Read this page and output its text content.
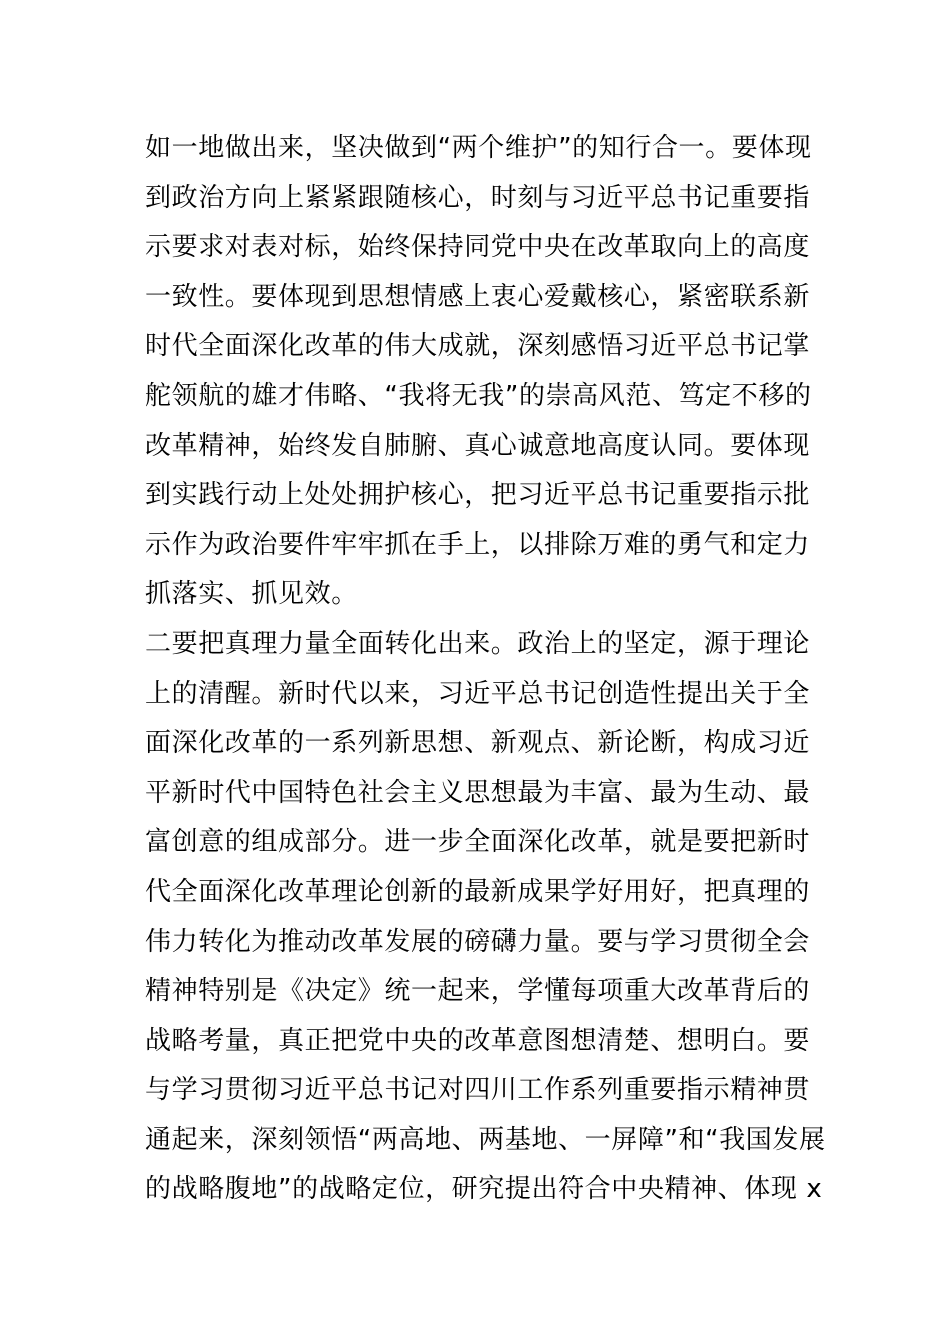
如一地做出来，坚决做到“两个维护”的知行合一。要体现
到政治方向上紧紧跟随核心，时刻与习近平总书记重要指
示要求对表对标，始终保持同党中央在改革取向上的高度
一致性。要体现到思想情感上衷心爱戴核心，紧密联系新
时代全面深化改革的伟大成就，深刻感悟习近平总书记掌
舵领航的雄才伟略、“我将无我”的崇高风范、笃定不移的
改革精神，始终发自肺腑、真心诚意地高度认同。要体现
到实践行动上处处拥护核心，把习近平总书记重要指示批
示作为政治要件牢牢抓在手上，以排除万难的勇气和定力
抓落实、抓见效。
二要把真理力量全面转化出来。政治上的坚定，源于理论
上的清醒。新时代以来，习近平总书记创造性提出关于全
面深化改革的一系列新思想、新观点、新论断，构成习近
平新时代中国特色社会主义思想最为丰富、最为生动、最
富创意的组成部分。进一步全面深化改革，就是要把新时
代全面深化改革理论创新的最新成果学好用好，把真理的
伟力转化为推动改革发展的磅礴力量。要与学习贯彻全会
精神特别是《决定》统一起来，学懂每项重大改革背后的
战略考量，真正把党中央的改革意图想清楚、想明白。要
与学习贯彻习近平总书记对四川工作系列重要指示精神贯
通起来，深刻领悟“两高地、两基地、一屏障”和“我国发展
的战略腹地”的战略定位，研究提出符合中央精神、体现 x
